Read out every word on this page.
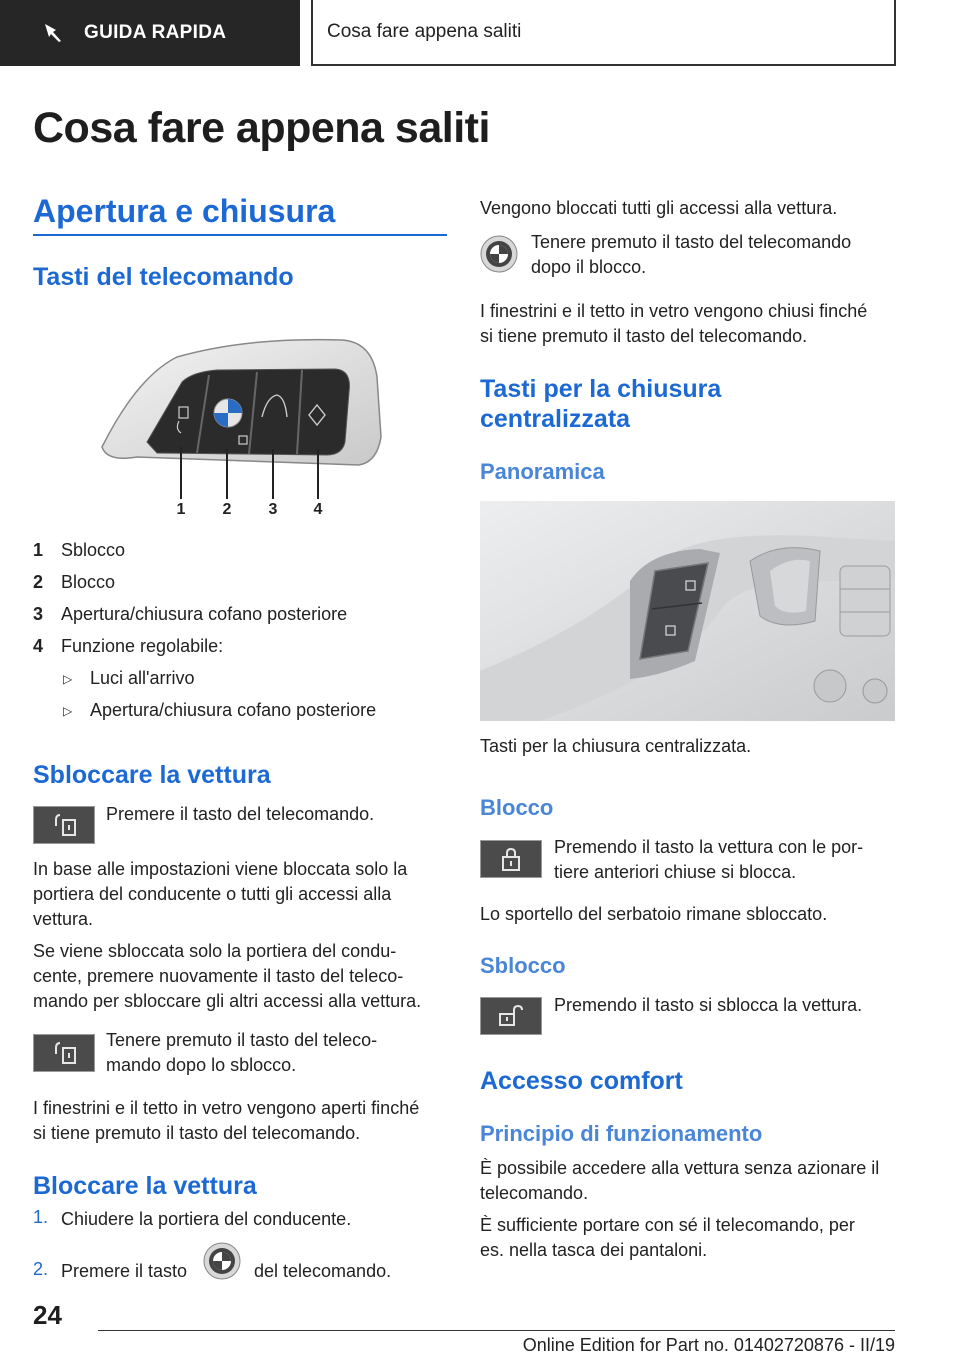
GUIDA RAPIDA	Cosa fare appena saliti
Cosa fare appena saliti
Apertura e chiusura
Tasti del telecomando
1 2 3 4
1 Sblocco
2 Blocco
3 Apertura/chiusura cofano posteriore
4 Funzione regolabile:
▷ Luci all'arrivo
▷ Apertura/chiusura cofano posteriore
Sbloccare la vettura
Premere il tasto del telecomando.
In base alle impostazioni viene bloccata solo la
portiera del conducente o tutti gli accessi alla
vettura.
Se viene sbloccata solo la portiera del condu‐
cente, premere nuovamente il tasto del teleco‐
mando per sbloccare gli altri accessi alla vettura.
Tenere premuto il tasto del teleco‐
mando dopo lo sblocco.
I finestrini e il tetto in vetro vengono aperti finché
si tiene premuto il tasto del telecomando.
Bloccare la vettura
1. Chiudere la portiera del conducente.
2. Premere il tasto	del telecomando.
Vengono bloccati tutti gli accessi alla vettura.
Tenere premuto il tasto del telecomando
dopo il blocco.
I finestrini e il tetto in vetro vengono chiusi finché
si tiene premuto il tasto del telecomando.
Tasti per la chiusura
centralizzata
Panoramica
Tasti per la chiusura centralizzata.
Blocco
Premendo il tasto la vettura con le por‐
tiere anteriori chiuse si blocca.
Lo sportello del serbatoio rimane sbloccato.
Sblocco
Premendo il tasto si sblocca la vettura.
Accesso comfort
Principio di funzionamento
È possibile accedere alla vettura senza azionare il
telecomando.
È sufficiente portare con sé il telecomando, per
es. nella tasca dei pantaloni.
24
Online Edition for Part no. 01402720876 - II/19
